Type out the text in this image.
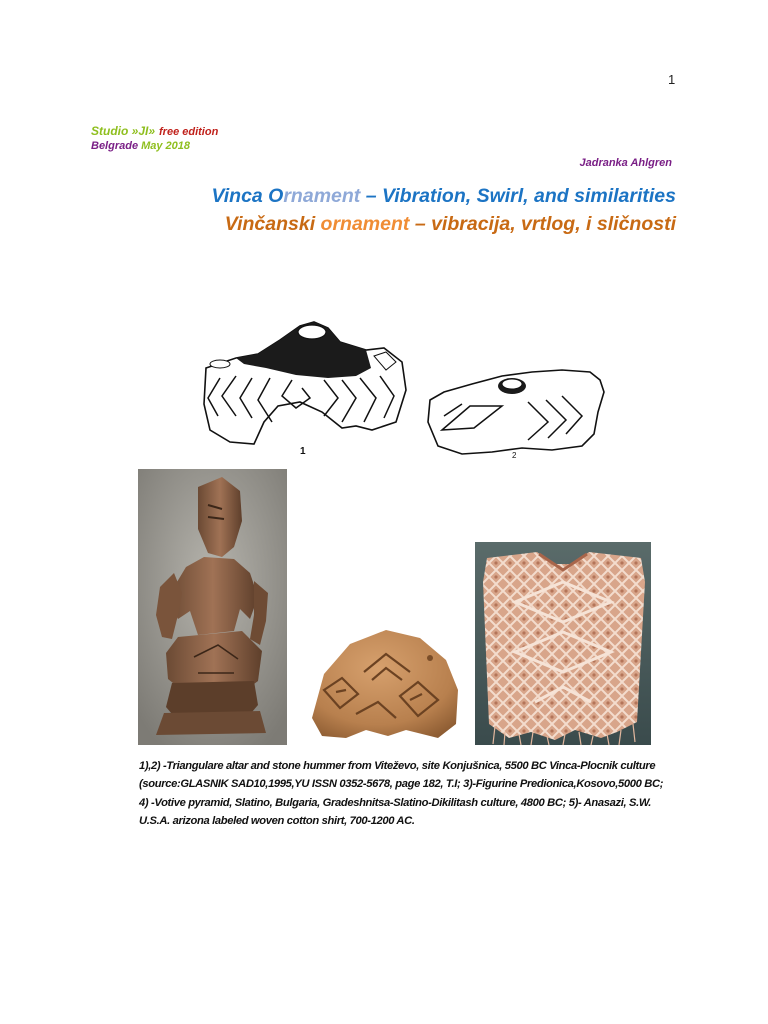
1
Studio »JI» free edition
Belgrade May 2018
Jadranka Ahlgren
Vinca Ornament – Vibration, Swirl, and similarities
Vinčanski ornament – vibracija, vrtlog, i sličnosti
1	2
1),2) -Triangulare altar and stone hummer from Viteževo, site Konjušnica, 5500 BC Vinca-Plocnik culture
(source:GLASNIK SAD10,1995,YU ISSN 0352-5678, page 182, T.I; 3)-Figurine Predionica,Kosovo,5000 BC;
4) -Votive pyramid, Slatino, Bulgaria, Gradeshnitsa-Slatino-Dikilitash culture, 4800 BC; 5)- Anasazi, S.W.
U.S.A. arizona labeled woven cotton shirt, 700-1200 AC.
